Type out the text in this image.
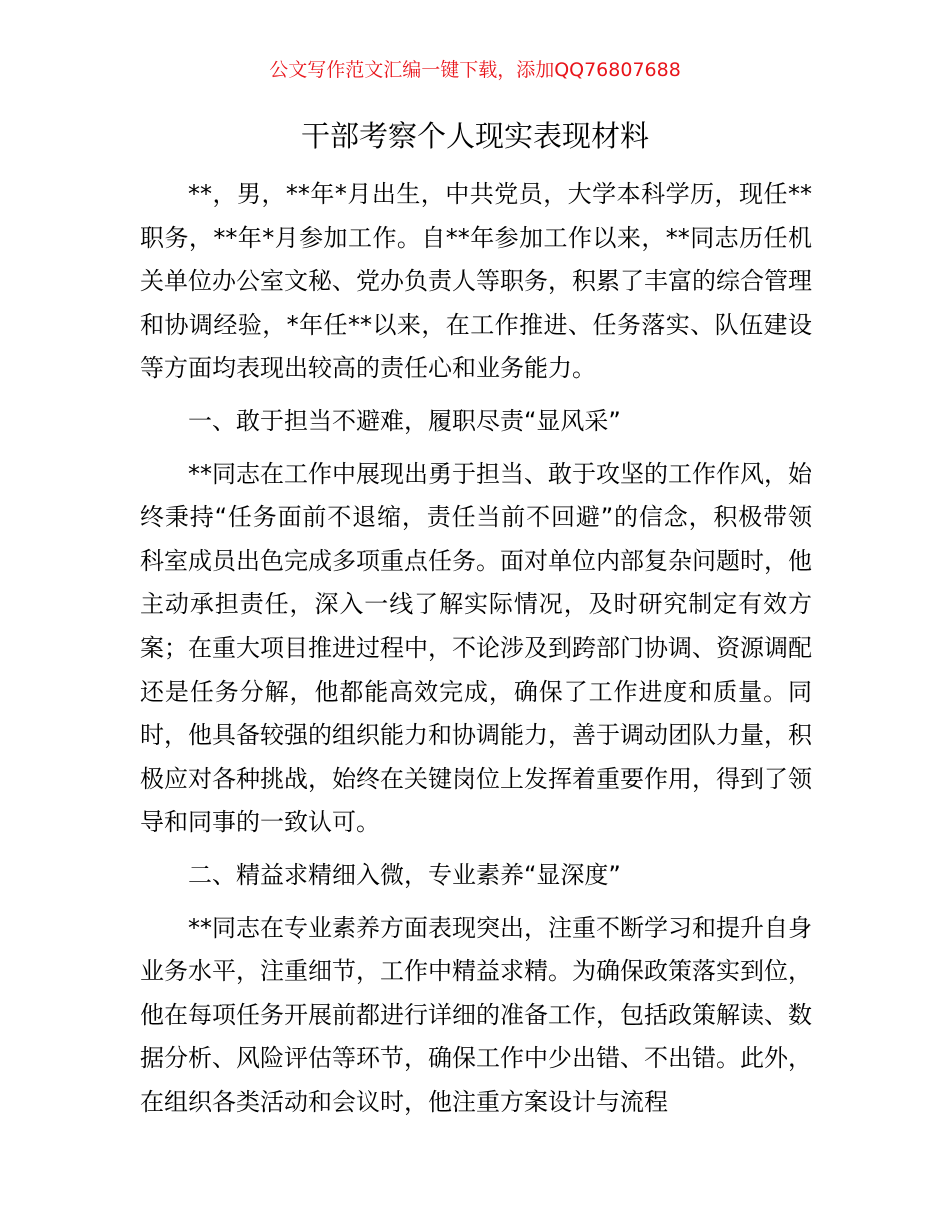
公文写作范文汇编一键下载，添加QQ76807688
干部考察个人现实表现材料

**，男，**年*月出生，中共党员，大学本科学历，现任**职务，**年*月参加工作。自**年参加工作以来，**同志历任机关单位办公室文秘、党办负责人等职务，积累了丰富的综合管理和协调经验，*年任**以来，在工作推进、任务落实、队伍建设等方面均表现出较高的责任心和业务能力。

一、敢于担当不避难，履职尽责“显风采”

**同志在工作中展现出勇于担当、敢于攻坚的工作作风，始终秉持“任务面前不退缩，责任当前不回避”的信念，积极带领科室成员出色完成多项重点任务。面对单位内部复杂问题时，他主动承担责任，深入一线了解实际情况，及时研究制定有效方案；在重大项目推进过程中，不论涉及到跨部门协调、资源调配还是任务分解，他都能高效完成，确保了工作进度和质量。同时，他具备较强的组织能力和协调能力，善于调动团队力量，积极应对各种挑战，始终在关键岗位上发挥着重要作用，得到了领导和同事的一致认可。

二、精益求精细入微，专业素养“显深度”

**同志在专业素养方面表现突出，注重不断学习和提升自身业务水平，注重细节，工作中精益求精。为确保政策落实到位，他在每项任务开展前都进行详细的准备工作，包括政策解读、数据分析、风险评估等环节，确保工作中少出错、不出错。此外，在组织各类活动和会议时，他注重方案设计与流程
